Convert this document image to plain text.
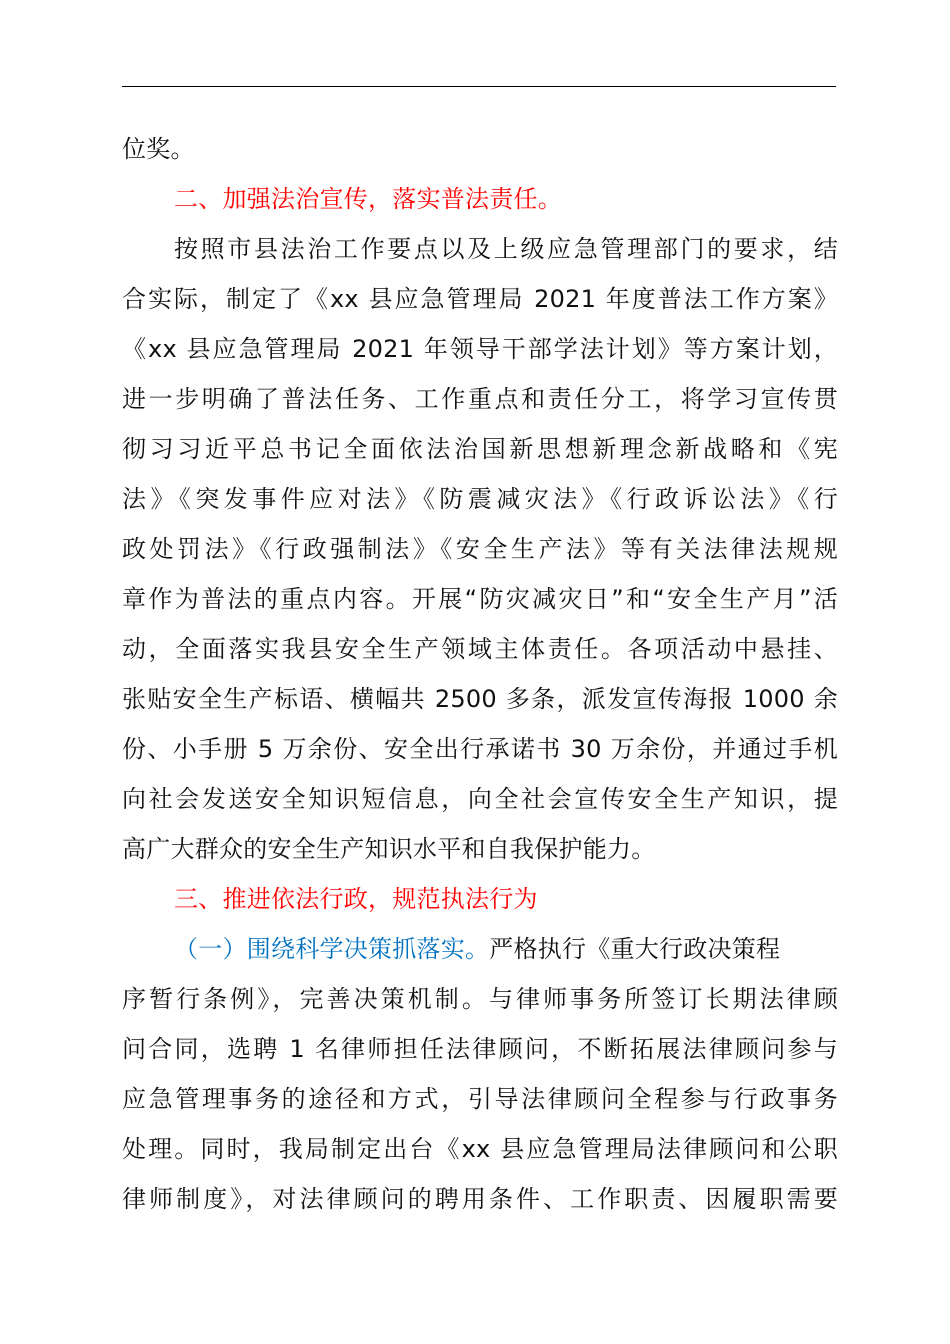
位奖。
二、加强法治宣传，落实普法责任。
按照市县法治工作要点以及上级应急管理部门的要求，结
合实际，制定了《xx 县应急管理局 2021 年度普法工作方案》
《xx 县应急管理局 2021 年领导干部学法计划》等方案计划，
进一步明确了普法任务、工作重点和责任分工，将学习宣传贯
彻习习近平总书记全面依法治国新思想新理念新战略和《宪
法》《突发事件应对法》《防震减灾法》《行政诉讼法》《行
政处罚法》《行政强制法》《安全生产法》等有关法律法规规
章作为普法的重点内容。开展“防灾减灾日”和“安全生产月”活
动，全面落实我县安全生产领域主体责任。各项活动中悬挂、
张贴安全生产标语、横幅共 2500 多条，派发宣传海报 1000 余
份、小手册 5 万余份、安全出行承诺书 30 万余份，并通过手机
向社会发送安全知识短信息，向全社会宣传安全生产知识，提
高广大群众的安全生产知识水平和自我保护能力。
三、推进依法行政，规范执法行为
（一）围绕科学决策抓落实。严格执行《重大行政决策程
序暂行条例》，完善决策机制。与律师事务所签订长期法律顾
问合同，选聘 1 名律师担任法律顾问，不断拓展法律顾问参与
应急管理事务的途径和方式，引导法律顾问全程参与行政事务
处理。同时，我局制定出台《xx 县应急管理局法律顾问和公职
律师制度》，对法律顾问的聘用条件、工作职责、因履职需要
